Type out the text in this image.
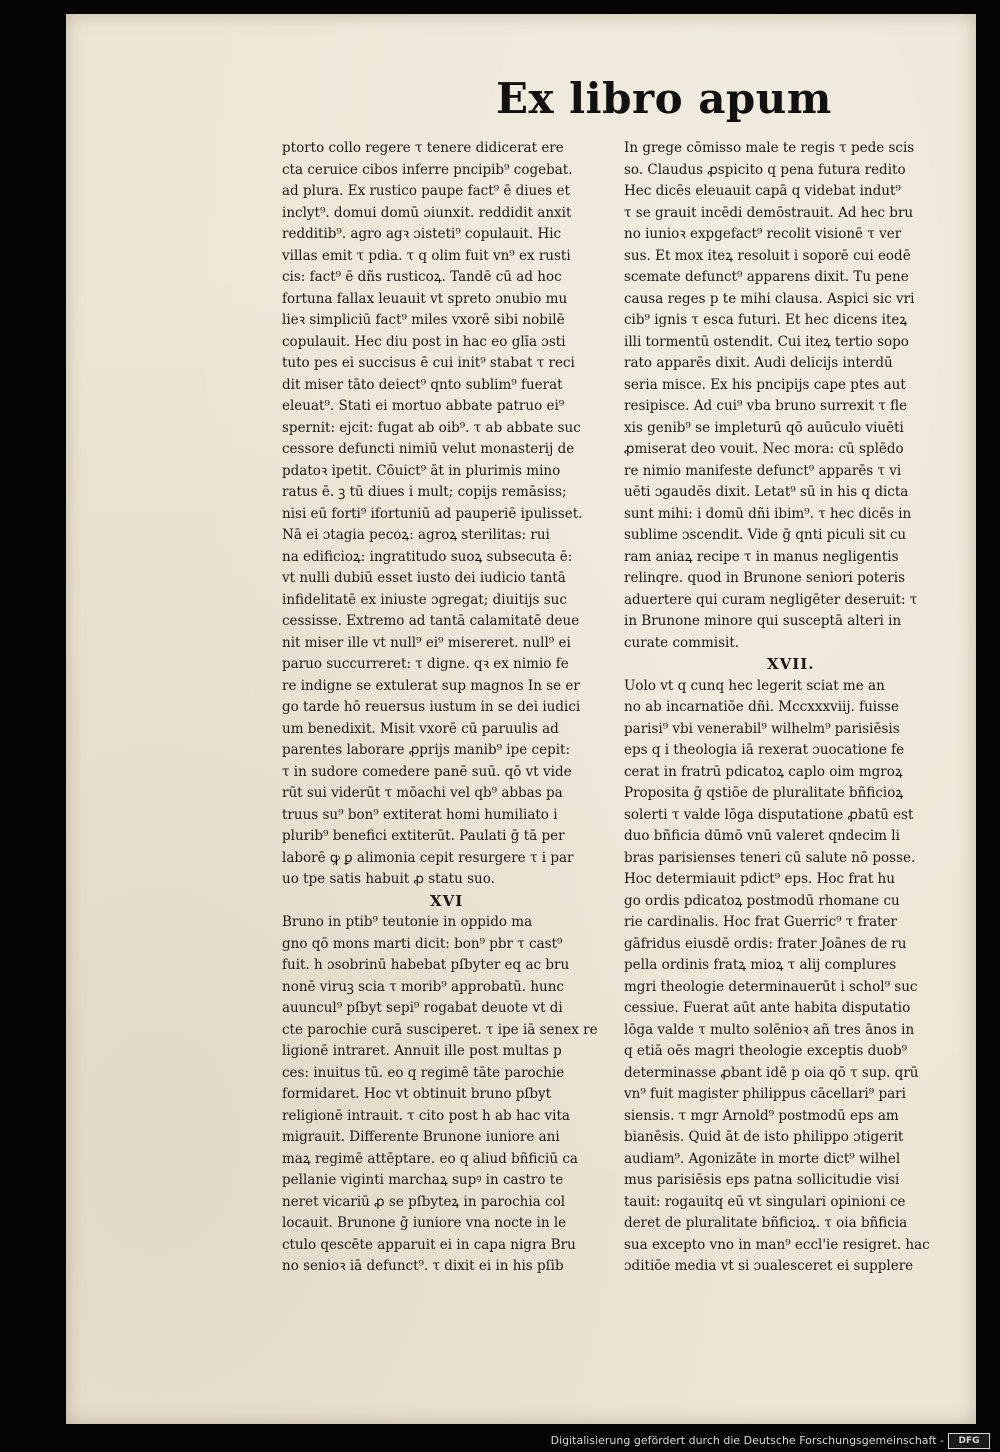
Ex libro apum
ptorto collo regere τ tenere didicerat ere
cta ceruice cibos inferre pncipib⁹ cogebat.
ad plura. Ex rustico paupe fact⁹ ē diues et
inclyt⁹. domui domū ɔiunxit. reddidit anxit
redditib⁹. agro agꝛ ɔisteti⁹ copulauit. Hic
villas emit τ pdia. τ q olim fuit vn⁹ ex rusti
cis: fact⁹ ē dñs rusticoꝝ. Tandē cū ad hoc
fortuna fallax leuauit vt spreto ɔnubio mu
lieꝛ simpliciū fact⁹ miles vxorē sibi nobilē
copulauit. Hec diu post in hac eo glīa ɔsti
tuto pes ei succisus ē cui init⁹ stabat τ reci
dit miser tāto deiect⁹ qnto sublim⁹ fuerat
eleuat⁹. Stati ei mortuo abbate patruo ei⁹
spernit: ejcit: fugat ab oib⁹. τ ab abbate suc
cessore defuncti nimiū velut monasterij de
pdatoꝛ ipetit. Cōuict⁹ āt in plurimis mino
ratus ē. ꝫ tū diues i mult; copijs remāsiss;
nisi eū forti⁹ ifortuniū ad pauperiē ipulisset.
Nā ei ɔtagia pecoꝝ: agroꝝ sterilitas: rui
na edificioꝝ: ingratitudo suoꝝ subsecuta ē:
vt nulli dubiū esset iusto dei iudicio tantā
infidelitatē ex iniuste ɔgregat; diuitijs suc
cessisse. Extremo ad tantā calamitatē deue
nit miser ille vt null⁹ ei⁹ misereret. null⁹ ei
paruo succurreret: τ digne. qꝛ ex nimio fe
re indigne se extulerat sup magnos In se er
go tarde hō reuersus iustum in se dei iudici
um benedixit. Misit vxorē cū paruulis ad
parentes laborare ꝓprijs manib⁹ ipe cepit:
τ in sudore comedere panē suū. qō vt vide
rūt sui viderūt τ mōachi vel qb⁹ abbas pa
truus su⁹ bon⁹ extiterat homi humiliato i
plurib⁹ benefici extiterūt. Paulati ḡ tā per
laborē ꝙ ꝑ alimonia cepit resurgere τ i par
uo tpe satis habuit ꝓ statu suo.
XVI
Bruno in ptib⁹ teutonie in oppido ma
gno qō mons marti dicit: bon⁹ pbr τ cast⁹
fuit. h ɔsobrinū habebat pſbyter eq ac bru
nonē viruꝫ scia τ morib⁹ approbatū. hunc
auuncul⁹ pſbyt sepi⁹ rogabat deuote vt di
cte parochie curā susciperet. τ ipe iā senex re
ligionē intraret. Annuit ille post multas p
ces: inuitus tū. eo q regimē tāte parochie
formidaret. Hoc vt obtinuit bruno pſbyt
religionē intrauit. τ cito post h ab hac vita
migrauit. Differente Brunone iuniore ani
maꝝ regimē attēptare. eo q aliud bñficiū ca
pellanie viginti marchaꝝ supꝰ in castro te
neret vicariū ꝓ se pſbyteꝝ in parochia col
locauit. Brunone ḡ iuniore vna nocte in le
ctulo qescēte apparuit ei in capa nigra Bru
no senioꝛ iā defunct⁹. τ dixit ei in his pſib
In grege cōmisso male te regis τ pede scis
so. Claudus ꝓspicito q pena futura redito
Hec dicēs eleuauit capā q videbat indut⁹
τ se grauit incēdi demōstrauit. Ad hec bru
no iunioꝛ expgefact⁹ recolit visionē τ ver
sus. Et mox iteꝝ resoluit i soporē cui eodē
scemate defunct⁹ apparens dixit. Tu pene
causa reges p te mihi clausa. Aspici sic vri
cib⁹ ignis τ esca futuri. Et hec dicens iteꝝ
illi tormentū ostendit. Cui iteꝝ tertio sopo
rato apparēs dixit. Audi delicijs interdū
seria misce. Ex his pncipijs cape ptes aut
resipisce. Ad cui⁹ vba bruno surrexit τ fle
xis genib⁹ se impleturū qō auūculo viuēti
ꝓmiserat deo vouit. Nec mora: cū splēdo
re nimio manifeste defunct⁹ apparēs τ vi
uēti ɔgaudēs dixit. Letat⁹ sū in his q dicta
sunt mihi: i domū dñi ibim⁹. τ hec dicēs in
sublime ɔscendit. Vide ḡ qnti piculi sit cu
ram aniaꝝ recipe τ in manus negligentis
relinqre. quod in Brunone seniori poteris
aduertere qui curam negligēter deseruit: τ
in Brunone minore qui susceptā alteri in
curate commisit.
XVII.
Uolo vt q cunq hec legerit sciat me an
no ab incarnatiōe dñi. Mccxxxviij. fuisse
parisi⁹ vbi venerabil⁹ wilhelm⁹ parisiēsis
eps q i theologia iā rexerat ɔuocatione fe
cerat in fratrū pdicatoꝝ caplo oim mgroꝝ
Proposita ḡ qstiōe de pluralitate bñficioꝝ
solerti τ valde lōga disputatione ꝓbatū est
duo bñficia dūmō vnū valeret qndecim li
bras parisienses teneri cū salute nō posse.
Hoc determiauit pdict⁹ eps. Hoc frat hu
go ordis pdicatoꝝ postmodū rhomane cu
rie cardinalis. Hoc frat Guerric⁹ τ frater
gāfridus eiusdē ordis: frater Joānes de ru
pella ordinis fratꝝ mioꝝ τ alij complures
mgri theologie determinauerūt i schol⁹ suc
cessiue. Fuerat aūt ante habita disputatio
lōga valde τ multo solēnioꝛ añ tres ānos in
q etiā oēs magri theologie exceptis duob⁹
determinasse ꝓbant idē p oia qō τ sup. qrū
vn⁹ fuit magister philippus cācellari⁹ pari
siensis. τ mgr Arnold⁹ postmodū eps am
bianēsis. Quid āt de isto philippo ɔtigerit
audiam⁹. Agonizāte in morte dict⁹ wilhel
mus parisiēsis eps patna sollicitudie visi
tauit: rogauitq eū vt singulari opinioni ce
deret de pluralitate bñficioꝝ. τ oia bñficia
sua excepto vno in man⁹ eccl'ie resigret. hac
ɔditiōe media vt si ɔualesceret ei supplere
Digitalisierung gefördert durch die Deutsche Forschungsgemeinschaft -	DFG
